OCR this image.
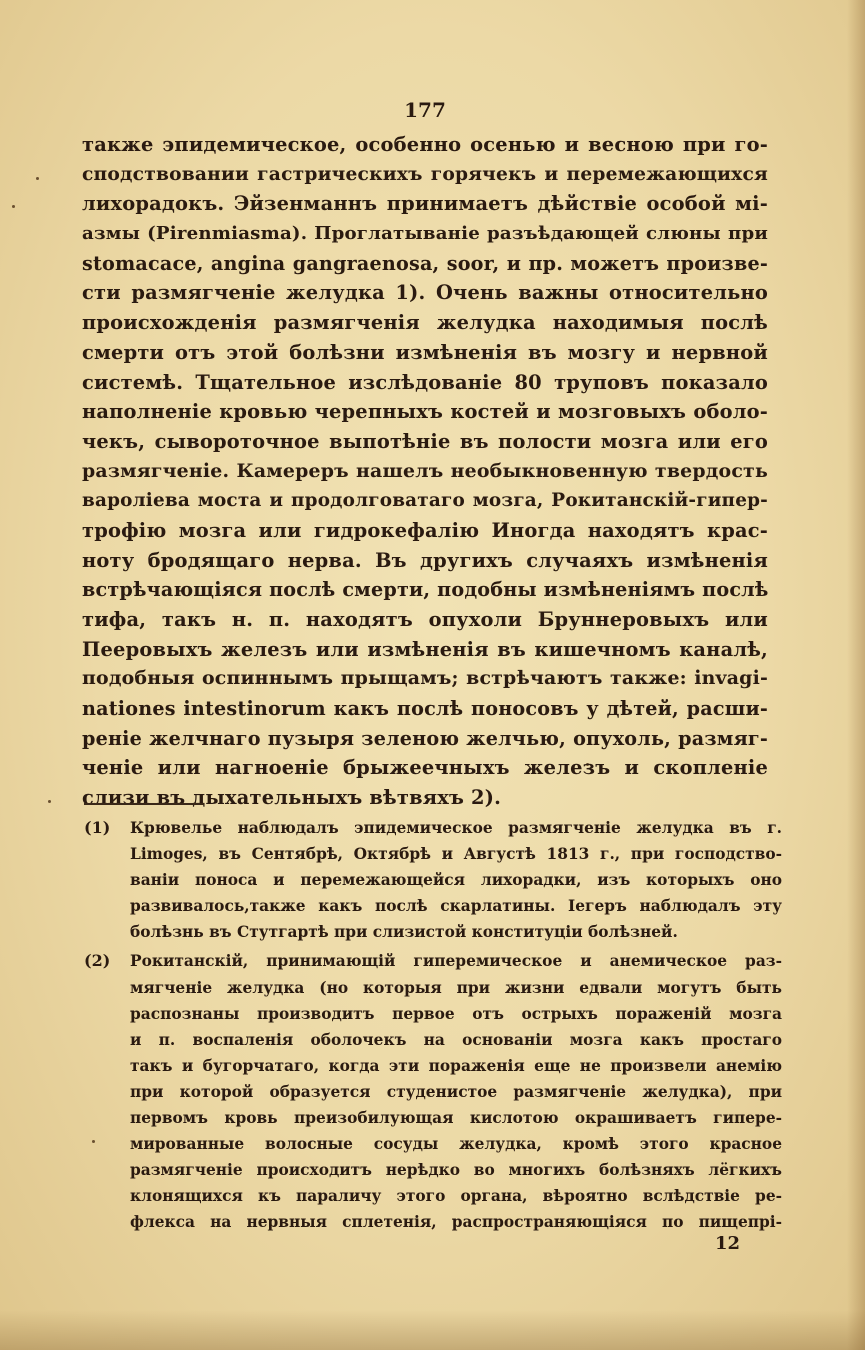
177
также эпидемическое, особенно осенью и весною при го-
сподствовании гастрическихъ горячекъ и перемежающихся
лихорадокъ. Эйзенманнъ принимаетъ дѣйствіе особой мі-
азмы (Pirenmiasma). Проглатываніе разъѣдающей слюны при
stomacace, angina gangraenosa, soor, и пр. можетъ произве-
сти размягченіе желудка 1). Очень важны относительно
происхожденія размягченія желудка находимыя послѣ
смерти отъ этой болѣзни измѣненія въ мозгу и нервной
системѣ. Тщательное изслѣдованіе 80 труповъ показало
наполненіе кровью черепныхъ костей и мозговыхъ оболо-
чекъ, сывороточное выпотѣніе въ полости мозга или его
размягченіе. Камереръ нашелъ необыкновенную твердость
вароліева моста и продолговатаго мозга, Рокитанскій-гипер-
трофію мозга или гидрокефалію Иногда находятъ крас-
ноту бродящаго нерва. Въ другихъ случаяхъ измѣненія
встрѣчающіяся послѣ смерти, подобны измѣненіямъ послѣ
тифа, такъ н. п. находятъ опухоли Бруннеровыхъ или
Пееровыхъ железъ или измѣненія въ кишечномъ каналѣ,
подобныя оспиннымъ прыщамъ; встрѣчаютъ также: invagi-
nationes intestinorum какъ послѣ поносовъ у дѣтей, расши-
реніе желчнаго пузыря зеленою желчью, опухоль, размяг-
ченіе или нагноеніе брыжеечныхъ железъ и скопленіе
слизи въ дыхательныхъ вѣтвяхъ 2).
(1)	Крювелье наблюдалъ эпидемическое размягченіе желудка въ г.
Limoges, въ Сентябрѣ, Октябрѣ и Августѣ 1813 г., при господство-
ваніи поноса и перемежающейся лихорадки, изъ которыхъ оно
развивалось,также какъ послѣ скарлатины. Іегеръ наблюдалъ эту
болѣзнь въ Стутгартѣ при слизистой конституціи болѣзней.
(2)	Рокитанскій, принимающій гиперемическое и анемическое раз-
мягченіе желудка (но которыя при жизни едвали могутъ быть
распознаны производитъ первое отъ острыхъ пораженій мозга
и п. воспаленія оболочекъ на основаніи мозга какъ простаго
такъ и бугорчатаго, когда эти пораженія еще не произвели анемію
при которой образуется студенистое размягченіе желудка), при
первомъ кровь преизобилующая кислотою окрашиваетъ гипере-
мированные волосные сосуды желудка, кромѣ этого красное
размягченіе происходитъ нерѣдко во многихъ болѣзняхъ лёгкихъ
клонящихся къ параличу этого органа, вѣроятно вслѣдствіе ре-
флекса на нервныя сплетенія, распространяющіяся по пищепрі-
12
